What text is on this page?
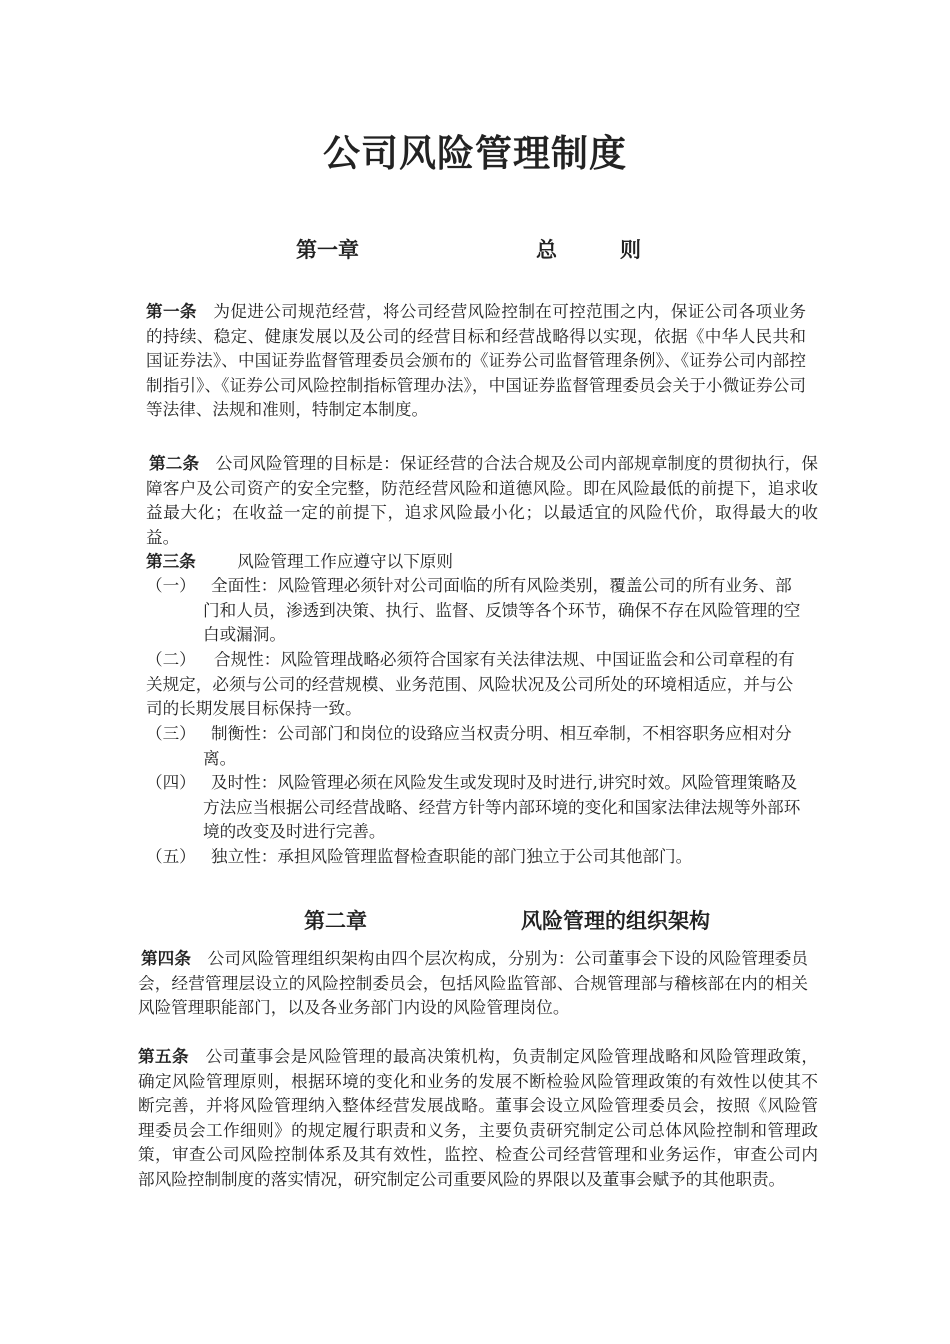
公司风险管理制度
第一章	总　　　则

第一条 为促进公司规范经营，将公司经营风险控制在可控范围之内，保证公司各项业务的持续、稳定、健康发展以及公司的经营目标和经营战略得以实现，依据《中华人民共和国证券法》、中国证券监督管理委员会颁布的《证券公司监督管理条例》、《证券公司内部控制指引》、《证券公司风险控制指标管理办法》，中国证券监督管理委员会关于小微证券公司等法律、法规和准则，特制定本制度。

第二条 公司风险管理的目标是：保证经营的合法合规及公司内部规章制度的贯彻执行，保障客户及公司资产的安全完整，防范经营风险和道德风险。即在风险最低的前提下，追求收益最大化；在收益一定的前提下，追求风险最小化；以最适宜的风险代价，取得最大的收益。

第三条	风险管理工作应遵守以下原则

（一） 全面性：风险管理必须针对公司面临的所有风险类别，覆盖公司的所有业务、部门和人员，渗透到决策、执行、监督、反馈等各个环节，确保不存在风险管理的空白或漏洞。
（二）	合规性：风险管理战略必须符合国家有关法律法规、中国证监会和公司章程的有关规定，必须与公司的经营规模、业务范围、风险状况及公司所处的环境相适应，并与公司的长期发展目标保持一致。
（三） 制衡性：公司部门和岗位的设臵应当权责分明、相互牵制，不相容职务应相对分离。
（四） 及时性：风险管理必须在风险发生或发现时及时进行,讲究时效。风险管理策略及方法应当根据公司经营战略、经营方针等内部环境的变化和国家法律法规等外部环境的改变及时进行完善。
（五） 独立性：承担风险管理监督检查职能的部门独立于公司其他部门。
第二章	风险管理的组织架构

第四条 公司风险管理组织架构由四个层次构成，分别为：公司董事会下设的风险管理委员会，经营管理层设立的风险控制委员会，包括风险监管部、合规管理部与稽核部在内的相关风险管理职能部门，以及各业务部门内设的风险管理岗位。

第五条 公司董事会是风险管理的最高决策机构，负责制定风险管理战略和风险管理政策，确定风险管理原则，根据环境的变化和业务的发展不断检验风险管理政策的有效性以使其不断完善，并将风险管理纳入整体经营发展战略。董事会设立风险管理委员会，按照《风险管理委员会工作细则》的规定履行职责和义务，主要负责研究制定公司总体风险控制和管理政策，审查公司风险控制体系及其有效性，监控、检查公司经营管理和业务运作，审查公司内部风险控制制度的落实情况，研究制定公司重要风险的界限以及董事会赋予的其他职责。
